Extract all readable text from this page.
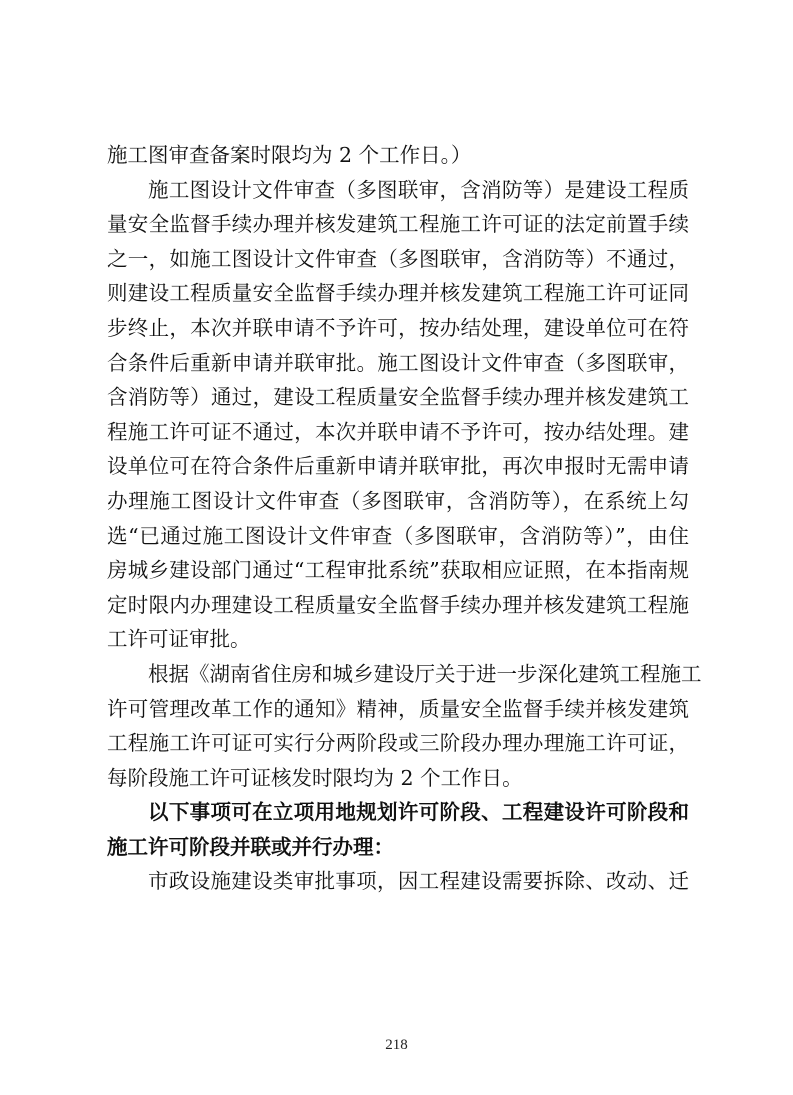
施工图审查备案时限均为 2 个工作日。）
施工图设计文件审查（多图联审，含消防等）是建设工程质
量安全监督手续办理并核发建筑工程施工许可证的法定前置手续
之一，如施工图设计文件审查（多图联审，含消防等）不通过，
则建设工程质量安全监督手续办理并核发建筑工程施工许可证同
步终止，本次并联申请不予许可，按办结处理，建设单位可在符
合条件后重新申请并联审批。施工图设计文件审查（多图联审，
含消防等）通过，建设工程质量安全监督手续办理并核发建筑工
程施工许可证不通过，本次并联申请不予许可，按办结处理。建
设单位可在符合条件后重新申请并联审批，再次申报时无需申请
办理施工图设计文件审查（多图联审，含消防等），在系统上勾
选“已通过施工图设计文件审查（多图联审，含消防等）”，由住
房城乡建设部门通过“工程审批系统”获取相应证照，在本指南规
定时限内办理建设工程质量安全监督手续办理并核发建筑工程施
工许可证审批。
根据《湖南省住房和城乡建设厅关于进一步深化建筑工程施工
许可管理改革工作的通知》精神，质量安全监督手续并核发建筑
工程施工许可证可实行分两阶段或三阶段办理办理施工许可证，
每阶段施工许可证核发时限均为 2 个工作日。
以下事项可在立项用地规划许可阶段、工程建设许可阶段和
施工许可阶段并联或并行办理：
市政设施建设类审批事项，因工程建设需要拆除、改动、迁
218
